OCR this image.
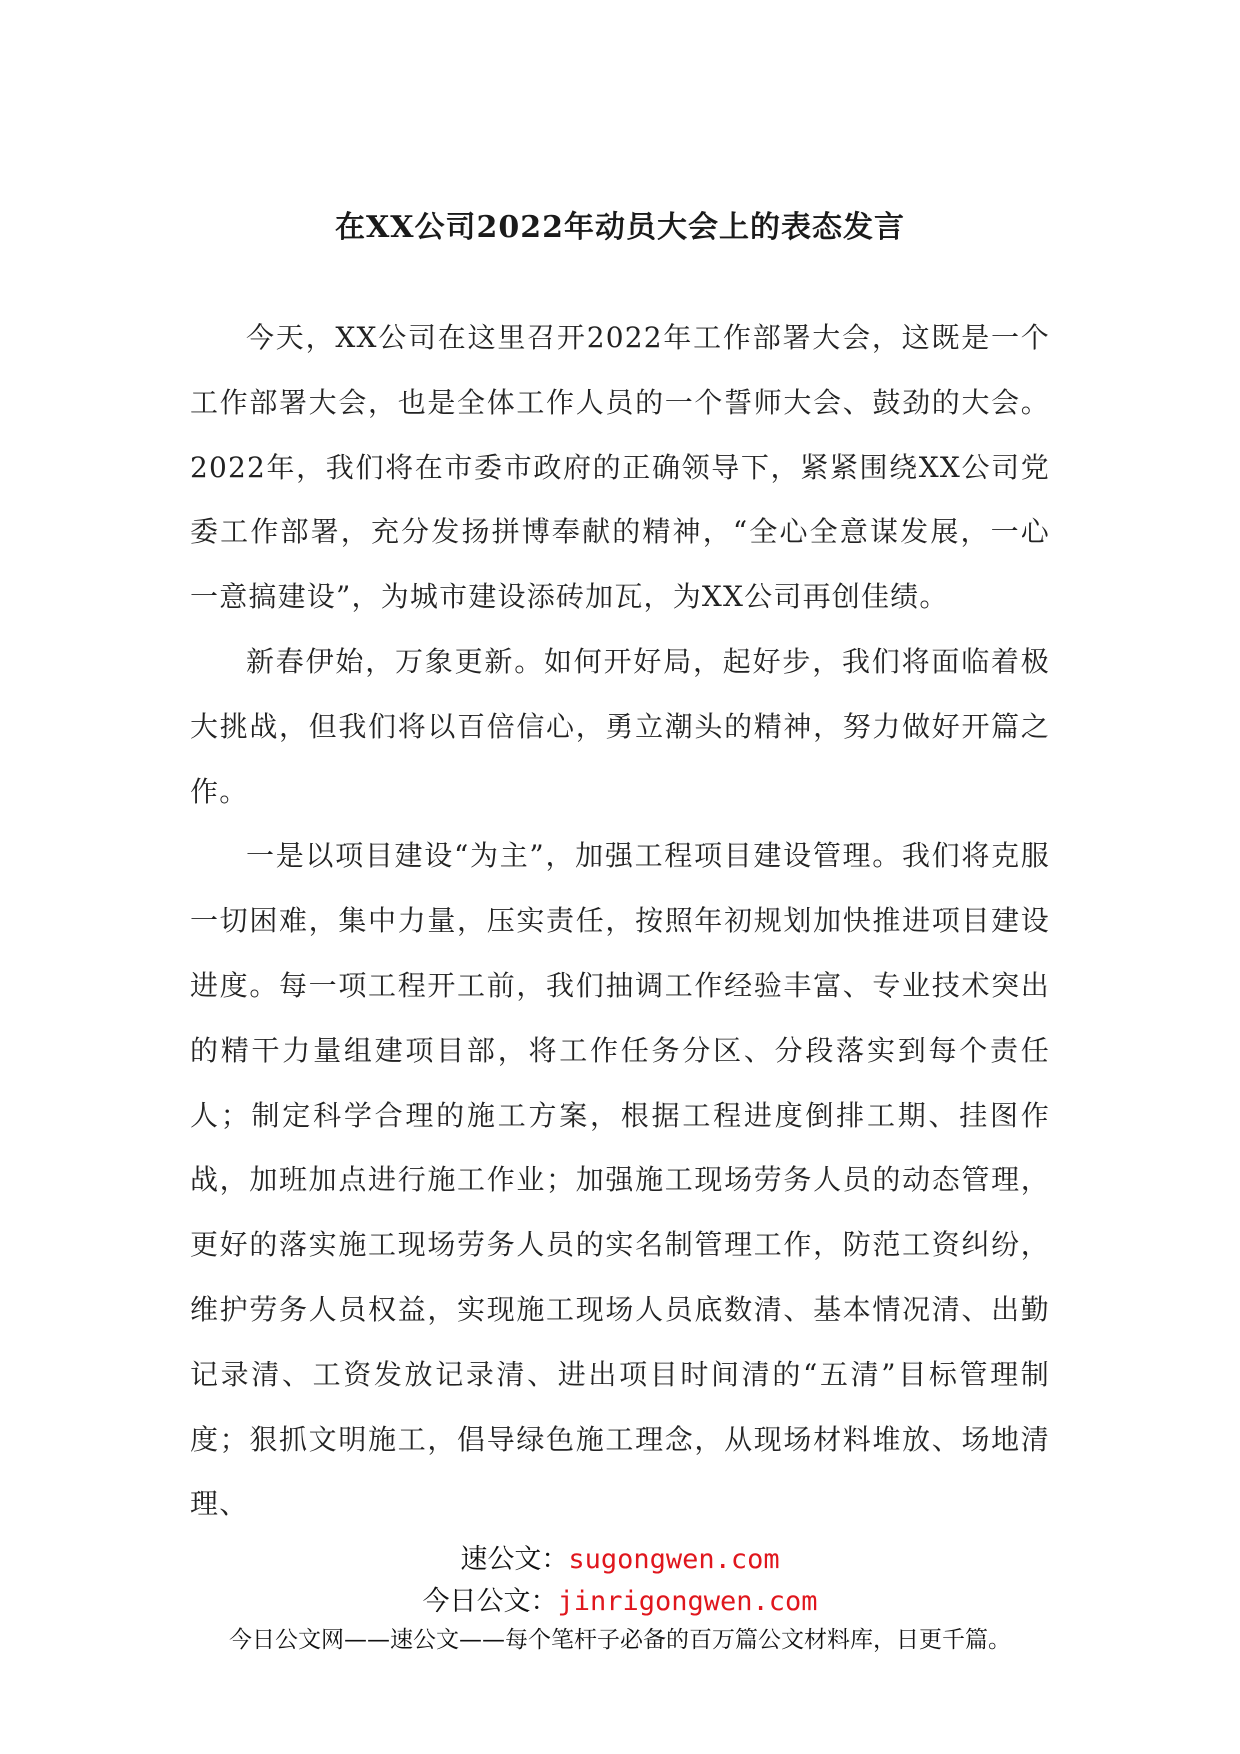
在XX公司2022年动员大会上的表态发言

今天，XX公司在这里召开2022年工作部署大会，这既是一个工作部署大会，也是全体工作人员的一个誓师大会、鼓劲的大会。2022年，我们将在市委市政府的正确领导下，紧紧围绕XX公司党委工作部署，充分发扬拼博奉献的精神，“全心全意谋发展，一心一意搞建设”，为城市建设添砖加瓦，为XX公司再创佳绩。

新春伊始，万象更新。如何开好局，起好步，我们将面临着极大挑战，但我们将以百倍信心，勇立潮头的精神，努力做好开篇之作。

一是以项目建设“为主”，加强工程项目建设管理。我们将克服一切困难，集中力量，压实责任，按照年初规划加快推进项目建设进度。每一项工程开工前，我们抽调工作经验丰富、专业技术突出的精干力量组建项目部，将工作任务分区、分段落实到每个责任人；制定科学合理的施工方案，根据工程进度倒排工期、挂图作战，加班加点进行施工作业；加强施工现场劳务人员的动态管理，更好的落实施工现场劳务人员的实名制管理工作，防范工资纠纷，维护劳务人员权益，实现施工现场人员底数清、基本情况清、出勤记录清、工资发放记录清、进出项目时间清的“五清”目标管理制度；狠抓文明施工，倡导绿色施工理念，从现场材料堆放、场地清理、

速公文：sugongwen.com
今日公文：jinrigongwen.com
今日公文网——速公文——每个笔杆子必备的百万篇公文材料库，日更千篇。
